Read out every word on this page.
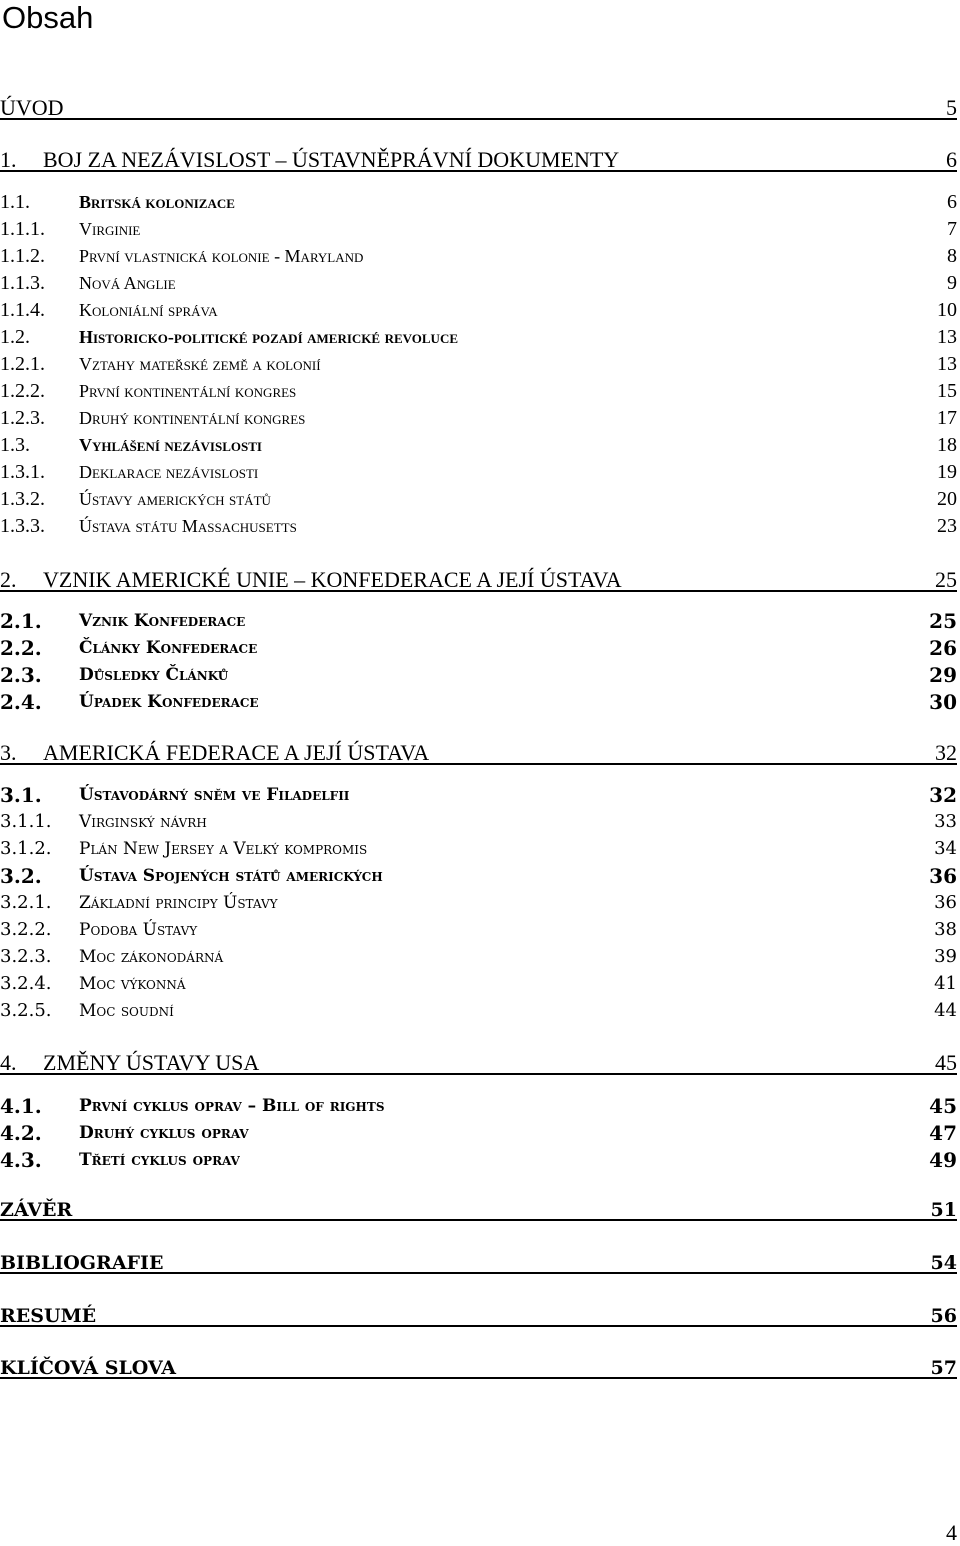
Obsah
ÚVOD	5
1. BOJ ZA NEZÁVISLOST – ÚSTAVNĚPRÁVNÍ DOKUMENTY	6
1.1.	Britská kolonizace	6
1.1.1. Virginie	7
1.1.2. První vlastnická kolonie - Maryland	8
1.1.3. Nová Anglie	9
1.1.4. Koloniální správa	10
1.2.	Historicko-politické pozadí americké revoluce	13
1.2.1. Vztahy mateřské země a kolonií	13
1.2.2. První kontinentální kongres	15
1.2.3. Druhý kontinentální kongres	17
1.3.	Vyhlášení nezávislosti	18
1.3.1. Deklarace nezávislosti	19
1.3.2. Ústavy amerických států	20
1.3.3. Ústava státu Massachusetts	23
2. VZNIK AMERICKÉ UNIE – KONFEDERACE A JEJÍ ÚSTAVA	25
2.1. Vznik Konfederace	25
2.2. Články Konfederace	26
2.3. Důsledky Článků	29
2.4. Úpadek Konfederace	30
3. AMERICKÁ FEDERACE A JEJÍ ÚSTAVA	32
3.1. Ústavodárný sněm ve Filadelfii	32
3.1.1. Virginský návrh	33
3.1.2. Plán New Jersey a Velký kompromis	34
3.2. Ústava Spojených států amerických	36
3.2.1. Základní principy Ústavy	36
3.2.2. Podoba Ústavy	38
3.2.3. Moc zákonodárná	39
3.2.4. Moc výkonná	41
3.2.5. Moc soudní	44
4. ZMĚNY ÚSTAVY USA	45
4.1. První cyklus oprav – Bill of rights	45
4.2. Druhý cyklus oprav	47
4.3. Třetí cyklus oprav	49
ZÁVĚR	51
BIBLIOGRAFIE	54
RESUMÉ	56
KLÍČOVÁ SLOVA	57
4
